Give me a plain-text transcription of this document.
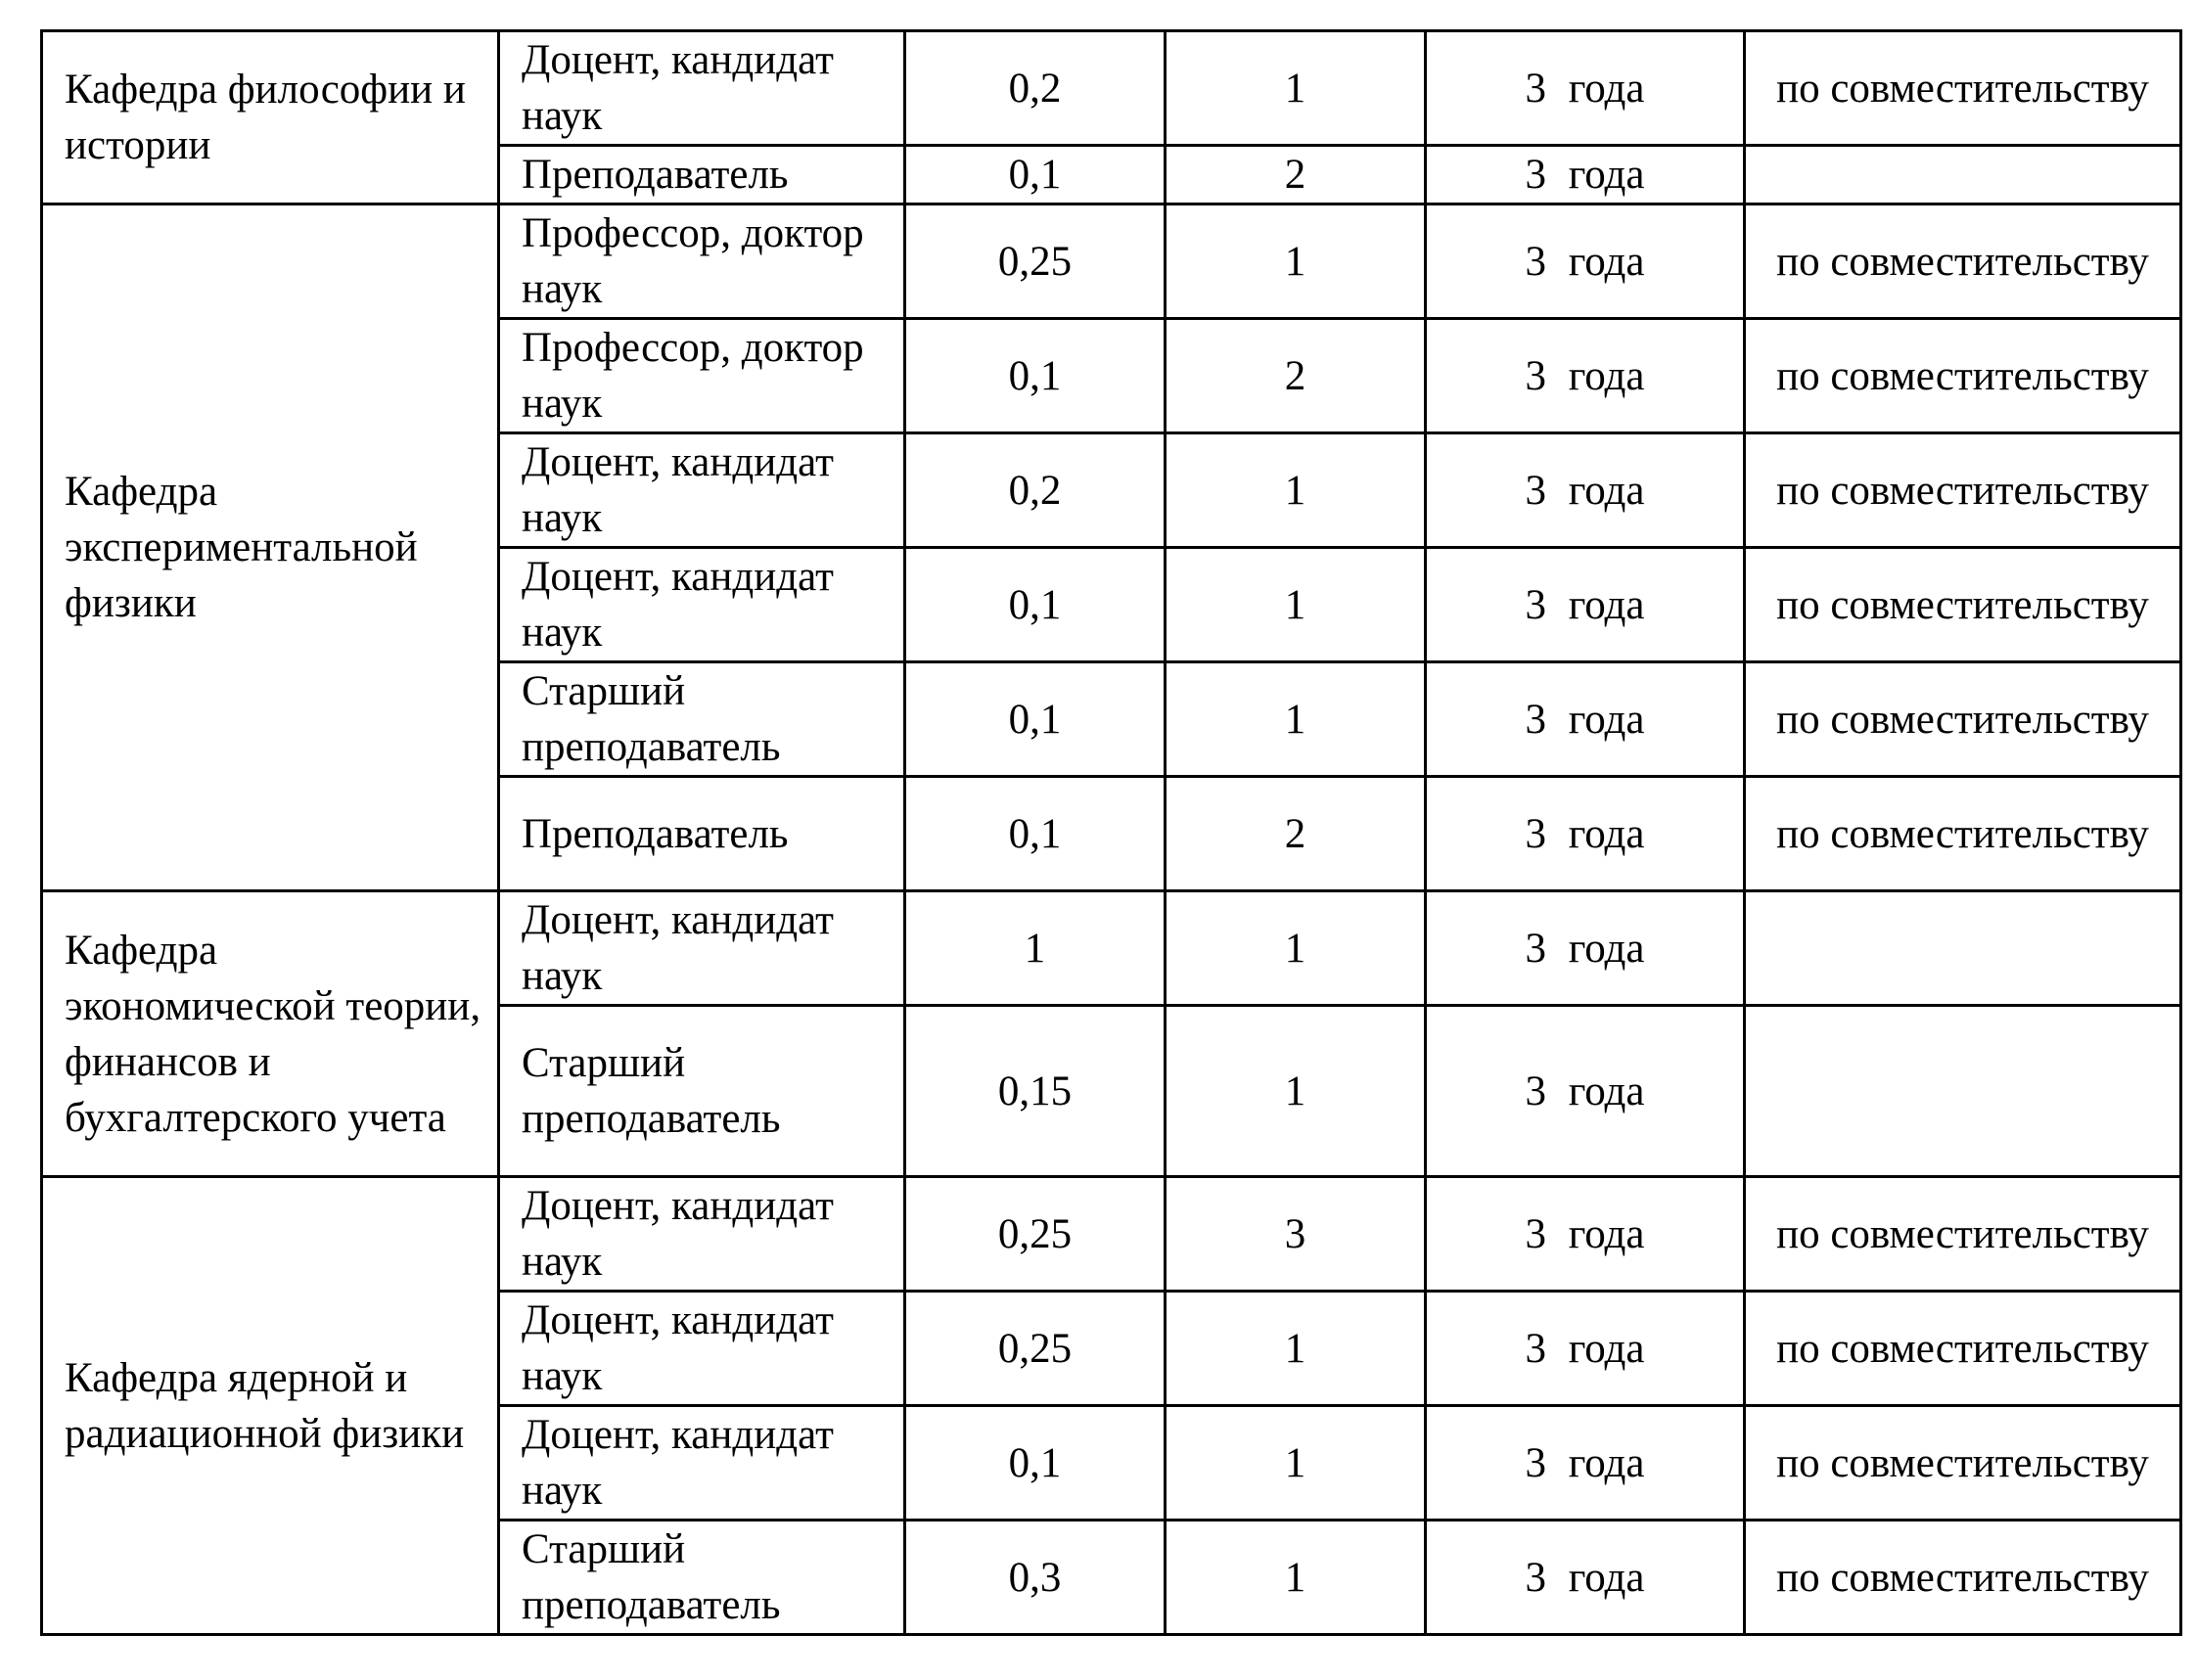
Кафедра философии и истории	Доцент, кандидат наук	0,2	1	3 года	по совместительству
	Преподаватель	0,1	2	3 года	
Кафедра экспериментальной физики	Профессор, доктор наук	0,25	1	3 года	по совместительству
	Профессор, доктор наук	0,1	2	3 года	по совместительству
	Доцент, кандидат наук	0,2	1	3 года	по совместительству
	Доцент, кандидат наук	0,1	1	3 года	по совместительству
	Старший преподаватель	0,1	1	3 года	по совместительству
	Преподаватель	0,1	2	3 года	по совместительству
Кафедра экономической теории, финансов и бухгалтерского учета	Доцент, кандидат наук	1	1	3 года	
	Старший преподаватель	0,15	1	3 года	
Кафедра ядерной и радиационной физики	Доцент, кандидат наук	0,25	3	3 года	по совместительству
	Доцент, кандидат наук	0,25	1	3 года	по совместительству
	Доцент, кандидат наук	0,1	1	3 года	по совместительству
	Старший преподаватель	0,3	1	3 года	по совместительству
